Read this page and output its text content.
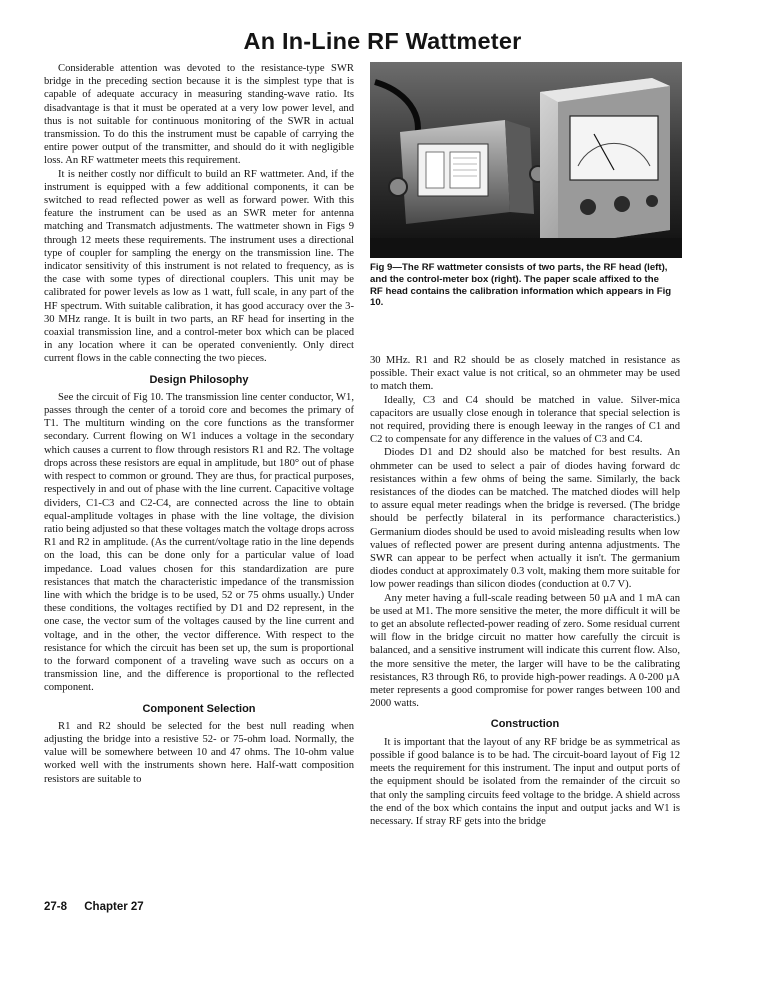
An In-Line RF Wattmeter

Considerable attention was devoted to the resistance-type SWR bridge in the preceding section because it is the simplest type that is capable of adequate accuracy in measuring standing-wave ratio. Its disadvantage is that it must be operated at a very low power level, and thus is not suitable for continuous monitoring of the SWR in actual transmission. To do this the instrument must be capable of carrying the entire power output of the transmitter, and should do it with negligible loss. An RF wattmeter meets this requirement.

It is neither costly nor difficult to build an RF wattmeter. And, if the instrument is equipped with a few additional components, it can be switched to read reflected power as well as forward power. With this feature the instrument can be used as an SWR meter for antenna matching and Transmatch adjustments. The wattmeter shown in Figs 9 through 12 meets these requirements. The instrument uses a directional type of coupler for sampling the energy on the transmission line. The indicator sensitivity of this instrument is not related to frequency, as is the case with some types of directional couplers. This unit may be calibrated for power levels as low as 1 watt, full scale, in any part of the HF spectrum. With suitable calibration, it has good accuracy over the 3-30 MHz range. It is built in two parts, an RF head for inserting in the coaxial transmission line, and a control-meter box which can be placed in any location where it can be operated conveniently. Only direct current flows in the cable connecting the two pieces.

Design Philosophy

See the circuit of Fig 10. The transmission line center conductor, W1, passes through the center of a toroid core and becomes the primary of T1. The multiturn winding on the core functions as the transformer secondary. Current flowing on W1 induces a voltage in the secondary which causes a current to flow through resistors R1 and R2. The voltage drops across these resistors are equal in amplitude, but 180° out of phase with respect to common or ground. They are thus, for practical purposes, respectively in and out of phase with the line current. Capacitive voltage dividers, C1-C3 and C2-C4, are connected across the line to obtain equal-amplitude voltages in phase with the line voltage, the division ratio being adjusted so that these voltages match the voltage drops across R1 and R2 in amplitude. (As the current/voltage ratio in the line depends on the load, this can be done only for a particular value of load impedance. Load values chosen for this standardization are pure resistances that match the characteristic impedance of the transmission line with which the bridge is to be used, 52 or 75 ohms usually.) Under these conditions, the voltages rectified by D1 and D2 represent, in the one case, the vector sum of the voltages caused by the line current and voltage, and in the other, the vector difference. With respect to the resistance for which the circuit has been set up, the sum is proportional to the forward component of a traveling wave such as occurs on a transmission line, and the difference is proportional to the reflected component.

Component Selection

R1 and R2 should be selected for the best null reading when adjusting the bridge into a resistive 52- or 75-ohm load. Normally, the value will be somewhere between 10 and 47 ohms. The 10-ohm value worked well with the instruments shown here. Half-watt composition resistors are suitable to

Fig 9—The RF wattmeter consists of two parts, the RF head (left), and the control-meter box (right). The paper scale affixed to the RF head contains the calibration information which appears in Fig 10.

30 MHz. R1 and R2 should be as closely matched in resistance as possible. Their exact value is not critical, so an ohmmeter may be used to match them.

Ideally, C3 and C4 should be matched in value. Silver-mica capacitors are usually close enough in tolerance that special selection is not required, providing there is enough leeway in the ranges of C1 and C2 to compensate for any difference in the values of C3 and C4.

Diodes D1 and D2 should also be matched for best results. An ohmmeter can be used to select a pair of diodes having forward dc resistances within a few ohms of being the same. Similarly, the back resistances of the diodes can be matched. The matched diodes will help to assure equal meter readings when the bridge is reversed. (The bridge should be perfectly bilateral in its performance characteristics.) Germanium diodes should be used to avoid misleading results when low values of reflected power are present during antenna adjustments. The SWR can appear to be perfect when actually it isn't. The germanium diodes conduct at approximately 0.3 volt, making them more suitable for low power readings than silicon diodes (conduction at 0.7 V).

Any meter having a full-scale reading between 50 µA and 1 mA can be used at M1. The more sensitive the meter, the more difficult it will be to get an absolute reflected-power reading of zero. Some residual current will flow in the bridge circuit no matter how carefully the circuit is balanced, and a sensitive instrument will indicate this current flow. Also, the more sensitive the meter, the larger will have to be the calibrating resistances, R3 through R6, to provide high-power readings. A 0-200 µA meter represents a good compromise for power ranges between 100 and 2000 watts.

Construction

It is important that the layout of any RF bridge be as symmetrical as possible if good balance is to be had. The circuit-board layout of Fig 12 meets the requirement for this instrument. The input and output ports of the equipment should be isolated from the remainder of the circuit so that only the sampling circuits feed voltage to the bridge. A shield across the end of the box which contains the input and output jacks and W1 is necessary. If stray RF gets into the bridge

27-8 Chapter 27
